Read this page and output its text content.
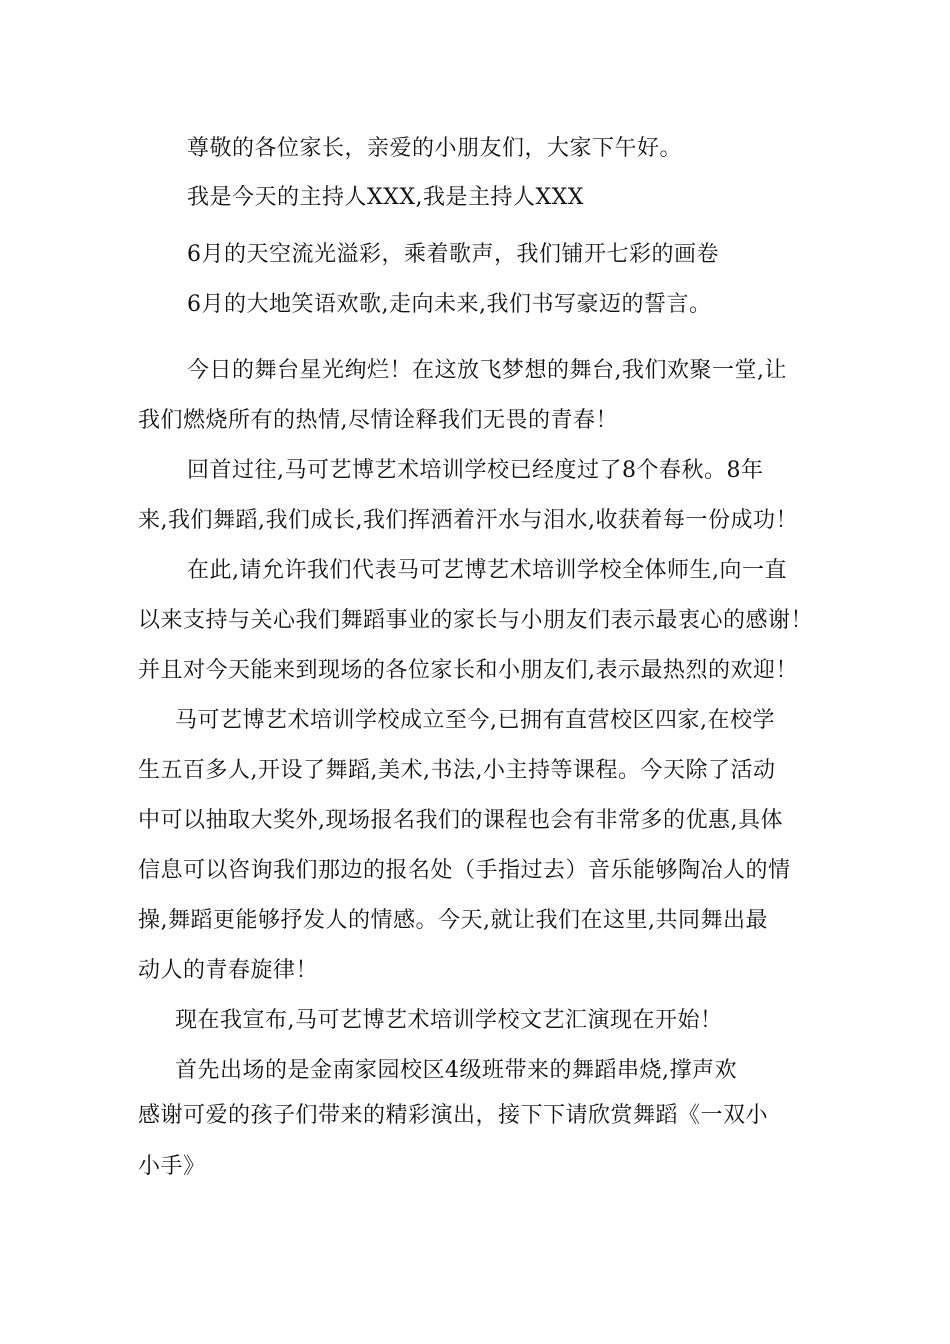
尊敬的各位家长，亲爱的小朋友们，大家下午好。
我是今天的主持人XXX,我是主持人XXX
6月的天空流光溢彩，乘着歌声，我们铺开七彩的画卷
6月的大地笑语欢歌,走向未来,我们书写豪迈的誓言。
今日的舞台星光绚烂！在这放飞梦想的舞台,我们欢聚一堂,让
我们燃烧所有的热情,尽情诠释我们无畏的青春！
回首过往,马可艺博艺术培训学校已经度过了8个春秋。8年
来,我们舞蹈,我们成长,我们挥洒着汗水与泪水,收获着每一份成功！
在此,请允许我们代表马可艺博艺术培训学校全体师生,向一直
以来支持与关心我们舞蹈事业的家长与小朋友们表示最衷心的感谢！
并且对今天能来到现场的各位家长和小朋友们,表示最热烈的欢迎！
马可艺博艺术培训学校成立至今,已拥有直营校区四家,在校学
生五百多人,开设了舞蹈,美术,书法,小主持等课程。今天除了活动
中可以抽取大奖外,现场报名我们的课程也会有非常多的优惠,具体
信息可以咨询我们那边的报名处（手指过去）音乐能够陶冶人的情
操,舞蹈更能够抒发人的情感。今天,就让我们在这里,共同舞出最
动人的青春旋律！
现在我宣布,马可艺博艺术培训学校文艺汇演现在开始！
首先出场的是金南家园校区4级班带来的舞蹈串烧,撑声欢
感谢可爱的孩子们带来的精彩演出，接下下请欣赏舞蹈《一双小
小手》
